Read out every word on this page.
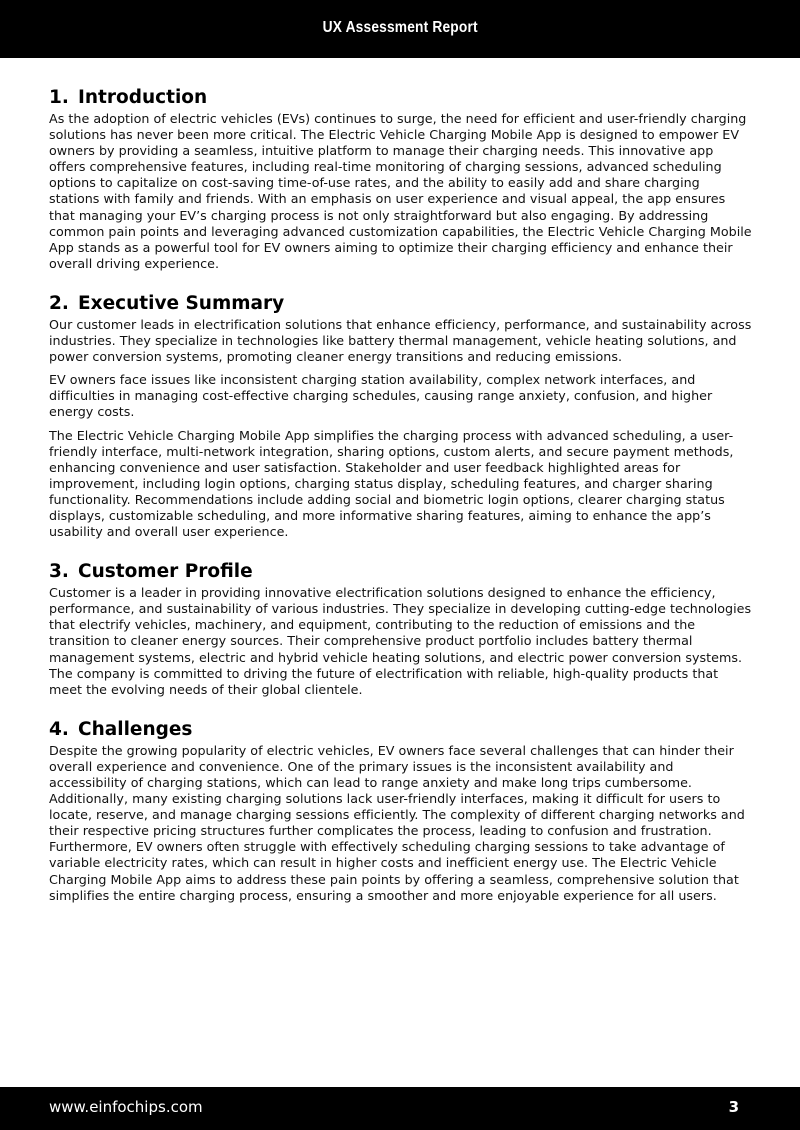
UX Assessment Report
1. Introduction

As the adoption of electric vehicles (EVs) continues to surge, the need for efficient and user-friendly charging solutions has never been more critical. The Electric Vehicle Charging Mobile App is designed to empower EV owners by providing a seamless, intuitive platform to manage their charging needs. This innovative app offers comprehensive features, including real-time monitoring of charging sessions, advanced scheduling options to capitalize on cost-saving time-of-use rates, and the ability to easily add and share charging stations with family and friends. With an emphasis on user experience and visual appeal, the app ensures that managing your EV’s charging process is not only straightforward but also engaging. By addressing common pain points and leveraging advanced customization capabilities, the Electric Vehicle Charging Mobile App stands as a powerful tool for EV owners aiming to optimize their charging efficiency and enhance their overall driving experience.

2. Executive Summary

Our customer leads in electrification solutions that enhance efficiency, performance, and sustainability across industries. They specialize in technologies like battery thermal management, vehicle heating solutions, and power conversion systems, promoting cleaner energy transitions and reducing emissions.

EV owners face issues like inconsistent charging station availability, complex network interfaces, and difficulties in managing cost-effective charging schedules, causing range anxiety, confusion, and higher energy costs.

The Electric Vehicle Charging Mobile App simplifies the charging process with advanced scheduling, a user-friendly interface, multi-network integration, sharing options, custom alerts, and secure payment methods, enhancing convenience and user satisfaction. Stakeholder and user feedback highlighted areas for improvement, including login options, charging status display, scheduling features, and charger sharing functionality. Recommendations include adding social and biometric login options, clearer charging status displays, customizable scheduling, and more informative sharing features, aiming to enhance the app’s usability and overall user experience.

3. Customer Profile

Customer is a leader in providing innovative electrification solutions designed to enhance the efficiency, performance, and sustainability of various industries. They specialize in developing cutting-edge technologies that electrify vehicles, machinery, and equipment, contributing to the reduction of emissions and the transition to cleaner energy sources. Their comprehensive product portfolio includes battery thermal management systems, electric and hybrid vehicle heating solutions, and electric power conversion systems. The company is committed to driving the future of electrification with reliable, high-quality products that meet the evolving needs of their global clientele.

4. Challenges

Despite the growing popularity of electric vehicles, EV owners face several challenges that can hinder their overall experience and convenience. One of the primary issues is the inconsistent availability and accessibility of charging stations, which can lead to range anxiety and make long trips cumbersome. Additionally, many existing charging solutions lack user-friendly interfaces, making it difficult for users to locate, reserve, and manage charging sessions efficiently. The complexity of different charging networks and their respective pricing structures further complicates the process, leading to confusion and frustration. Furthermore, EV owners often struggle with effectively scheduling charging sessions to take advantage of variable electricity rates, which can result in higher costs and inefficient energy use. The Electric Vehicle Charging Mobile App aims to address these pain points by offering a seamless, comprehensive solution that simplifies the entire charging process, ensuring a smoother and more enjoyable experience for all users.

www.einfochips.com	3
